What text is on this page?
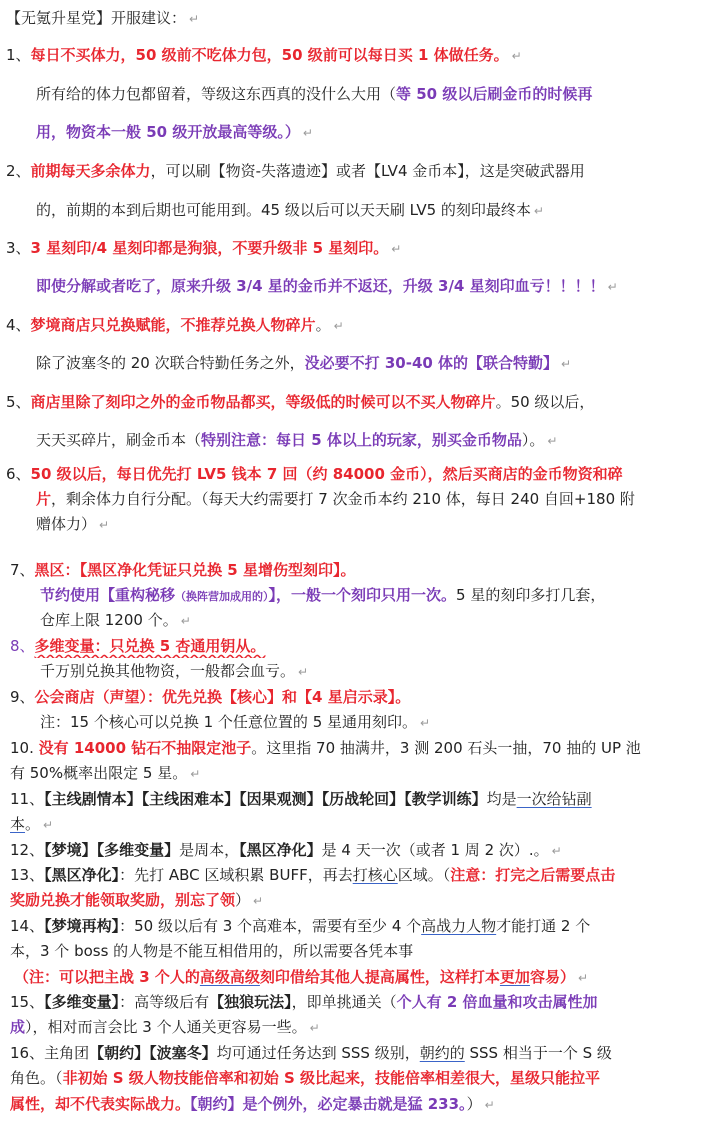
【无氪升星党】开服建议： ↵
1、每日不买体力，50 级前不吃体力包，50 级前可以每日买 1 体做任务。 ↵
所有给的体力包都留着，等级这东西真的没什么大用（等 50 级以后刷金币的时候再
用，物资本一般 50 级开放最高等级。） ↵
2、前期每天多余体力，可以刷【物资-失落遗迹】或者【LV4 金币本】，这是突破武器用
的，前期的本到后期也可能用到。45 级以后可以天天刷 LV5 的刻印最终本 ↵
3、3 星刻印/4 星刻印都是狗狼，不要升级非 5 星刻印。 ↵
即使分解或者吃了，原来升级 3/4 星的金币并不返还，升级 3/4 星刻印血亏！！！！ ↵
4、梦境商店只兑换赋能，不推荐兑换人物碎片。 ↵
除了波塞冬的 20 次联合特勤任务之外，没必要不打 30-40 体的【联合特勤】 ↵
5、商店里除了刻印之外的金币物品都买，等级低的时候可以不买人物碎片。50 级以后，
天天买碎片，刷金币本（特别注意：每日 5 体以上的玩家，别买金币物品）。 ↵
6、50 级以后，每日优先打 LV5 钱本 7 回（约 84000 金币），然后买商店的金币物资和碎
片，剩余体力自行分配。（每天大约需要打 7 次金币本约 210 体，每日 240 自回+180 附
赠体力） ↵
7、黑区：【黑区净化凭证只兑换 5 星增伤型刻印】。
节约使用【重构秘移（换阵营加成用的）】，一般一个刻印只用一次。5 星的刻印多打几套，
仓库上限 1200 个。 ↵
8、多维变量：只兑换 5 杏通用钥从。
千万别兑换其他物资，一般都会血亏。 ↵
9、公会商店（声望）：优先兑换【核心】和【4 星启示录】。
注：15 个核心可以兑换 1 个任意位置的 5 星通用刻印。 ↵
10. 没有 14000 钻石不抽限定池子。这里指 70 抽满井，3 测 200 石头一抽，70 抽的 UP 池
有 50%概率出限定 5 星。 ↵
11、【主线剧情本】【主线困难本】【因果观测】【历战轮回】【教学训练】均是一次给钻副
本。 ↵
12、【梦境】【多维变量】是周本，【黑区净化】是 4 天一次（或者 1 周 2 次）.。 ↵
13、【黑区净化】：先打 ABC 区域积累 BUFF，再去打核心区域。（注意：打完之后需要点击
奖励兑换才能领取奖励，别忘了领） ↵
14、【梦境再构】：50 级以后有 3 个高难本，需要有至少 4 个高战力人物才能打通 2 个
本，3 个 boss 的人物是不能互相借用的，所以需要各凭本事
（注：可以把主战 3 个人的高级高级刻印借给其他人提高属性，这样打本更加容易） ↵
15、【多维变量】：高等级后有【独狼玩法】，即单挑通关（个人有 2 倍血量和攻击属性加
成），相对而言会比 3 个人通关更容易一些。 ↵
16、主角团【朝约】【波塞冬】均可通过任务达到 SSS 级别，朝约的 SSS 相当于一个 S 级
角色。（非初始 S 级人物技能倍率和初始 S 级比起来，技能倍率相差很大，星级只能拉平
属性，却不代表实际战力。【朝约】是个例外，必定暴击就是猛 233。） ↵
